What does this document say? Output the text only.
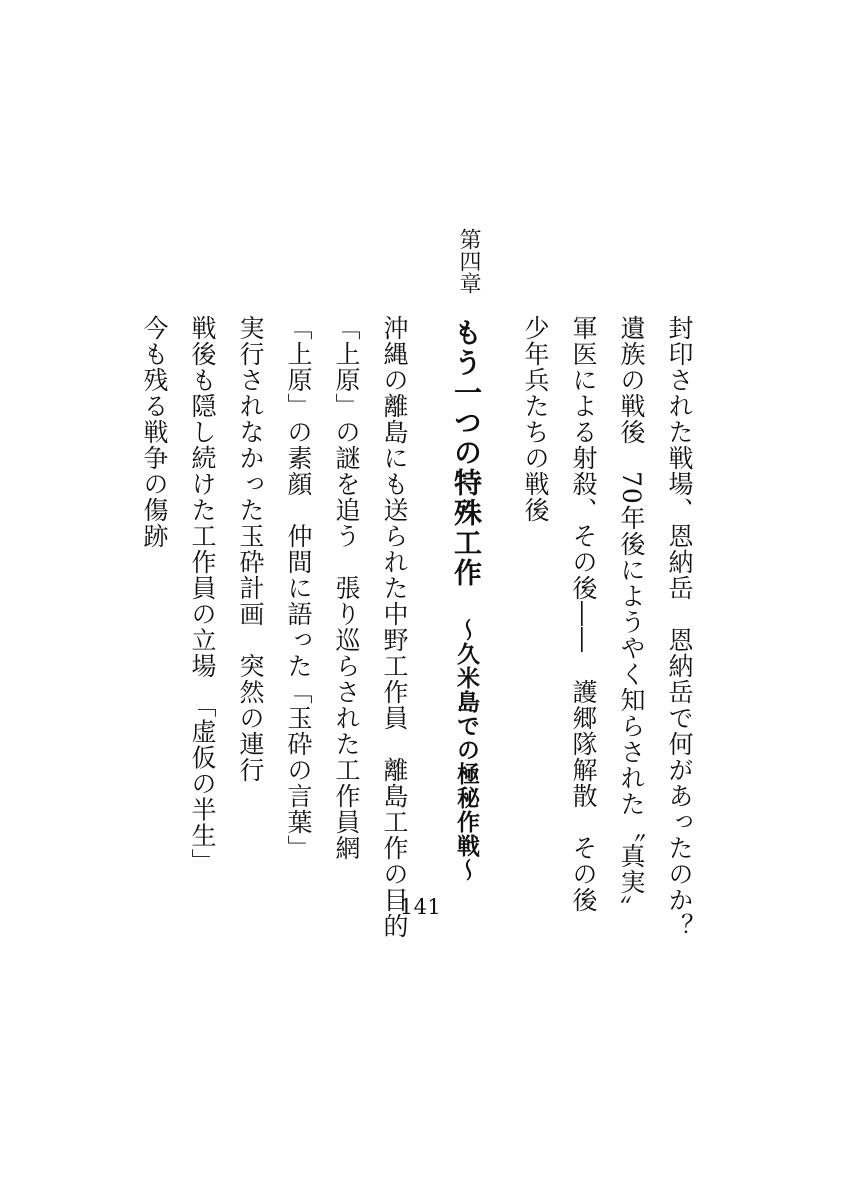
封印された戦場、恩納岳　恩納岳で何があったのか？
遺族の戦後　70年後にようやく知らされた〝真実〟
軍医による射殺、その後――　護郷隊解散　その後
少年兵たちの戦後
第四章
もう一つの特殊工作　～久米島での極秘作戦～
沖縄の離島にも送られた中野工作員　離島工作の目的
「上原」の謎を追う　張り巡らされた工作員網
「上原」の素顔　仲間に語った「玉砕の言葉」
実行されなかった玉砕計画　突然の連行
戦後も隠し続けた工作員の立場　「虚仮の半生」
今も残る戦争の傷跡
141
